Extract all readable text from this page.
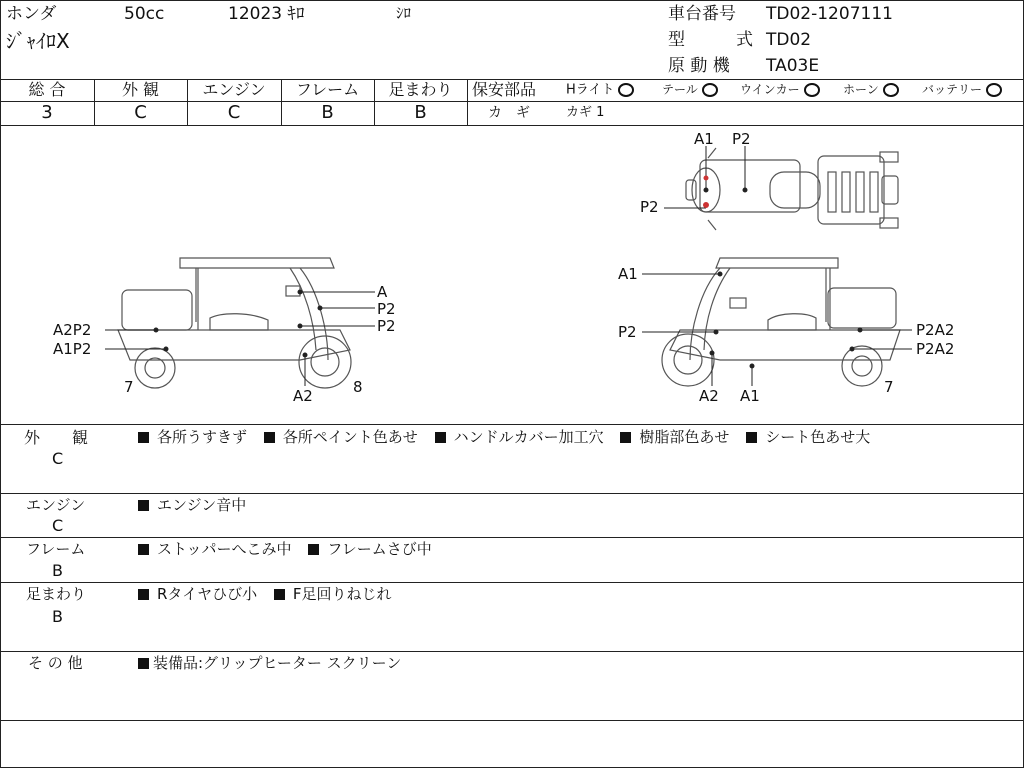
ホンダ	50cc	12023 ｷﾛ	ｼﾛ
ｼﾞｬｲﾛX
車台番号 TD02-1207111
型	式 TD02
原 動 機 TA03E
総 合	外 観	エンジン	フレーム	足まわり
3	C	C	B	B
保安部品 Hライト	テール	ウインカー	ホーン	バッテリー
カ　ギ	カギ 1
A1 P2
P2
A
P2
P2
A2P2
A1P2
7	A2	8
A1
P2	P2A2
P2A2
A2 A1	7
外　　観
C
各所うすきず 各所ペイント色あせ ハンドルカバー加工穴 樹脂部色あせ シート色あせ大
エンジン
C
エンジン音中
フレーム
B
ストッパーへこみ中 フレームさび中
足まわり
B
Rタイヤひび小 F足回りねじれ
そ の 他	装備品:グリップヒーター スクリーン
